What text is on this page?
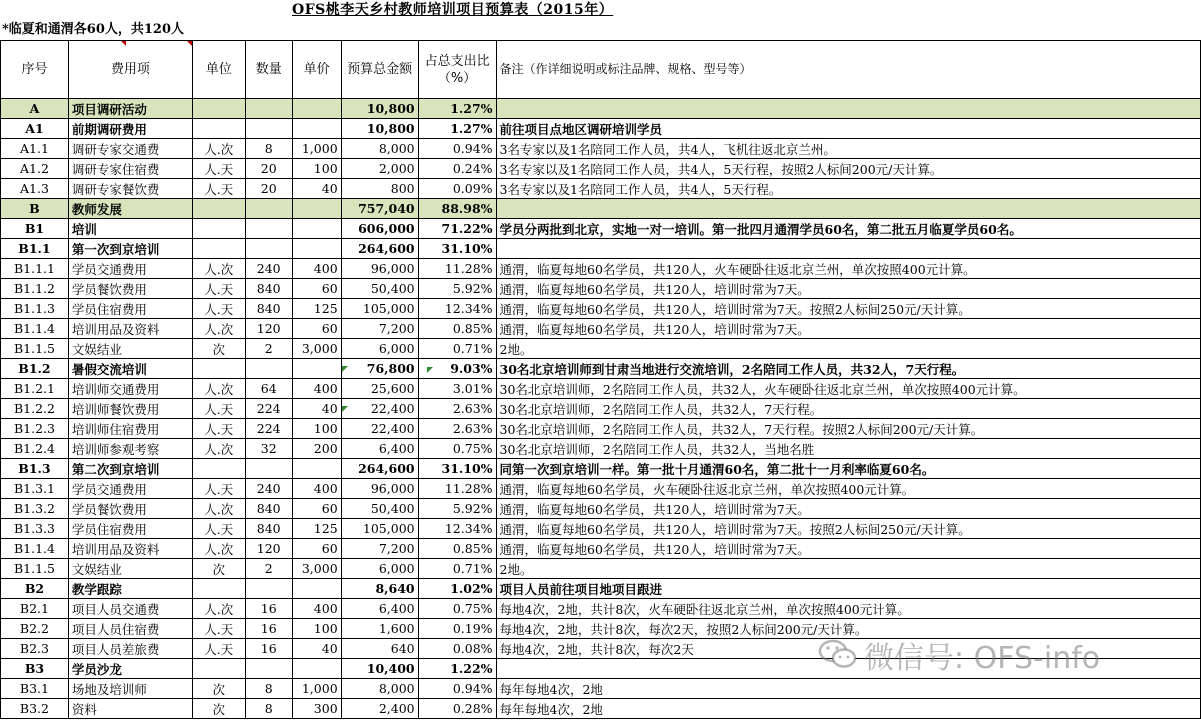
OFS桃李天乡村教师培训项目预算表（2015年）
*临夏和通渭各60人，共120人
序号	费用项	单位	数量	单价	预算总金额	占总支出比（%）	备注（作详细说明或标注品牌、规格、型号等）
A	项目调研活动				10,800	1.27%	
A1	前期调研费用				10,800	1.27%	前往项目点地区调研培训学员
A1.1	调研专家交通费	人.次	8	1,000	8,000	0.94%	3名专家以及1名陪同工作人员，共4人，飞机往返北京兰州。
A1.2	调研专家住宿费	人.天	20	100	2,000	0.24%	3名专家以及1名陪同工作人员，共4人，5天行程，按照2人标间200元/天计算。
A1.3	调研专家餐饮费	人.天	20	40	800	0.09%	3名专家以及1名陪同工作人员，共4人，5天行程。
B	教师发展				757,040	88.98%	
B1	培训				606,000	71.22%	学员分两批到北京，实地一对一培训。第一批四月通渭学员60名，第二批五月临夏学员60名。
B1.1	第一次到京培训				264,600	31.10%	
B1.1.1	学员交通费用	人.次	240	400	96,000	11.28%	通渭，临夏每地60名学员，共120人，火车硬卧往返北京兰州，单次按照400元计算。
B1.1.2	学员餐饮费用	人.天	840	60	50,400	5.92%	通渭，临夏每地60名学员，共120人，培训时常为7天。
B1.1.3	学员住宿费用	人.天	840	125	105,000	12.34%	通渭，临夏每地60名学员，共120人，培训时常为7天。按照2人标间250元/天计算。
B1.1.4	培训用品及资料	人.次	120	60	7,200	0.85%	通渭，临夏每地60名学员，共120人，培训时常为7天。
B1.1.5	文娱结业	次	2	3,000	6,000	0.71%	2地。
B1.2	暑假交流培训				76,800	9.03%	30名北京培训师到甘肃当地进行交流培训，2名陪同工作人员，共32人，7天行程。
B1.2.1	培训师交通费用	人.次	64	400	25,600	3.01%	30名北京培训师，2名陪同工作人员，共32人，火车硬卧往返北京兰州，单次按照400元计算。
B1.2.2	培训师餐饮费用	人.天	224	40	22,400	2.63%	30名北京培训师，2名陪同工作人员，共32人，7天行程。
B1.2.3	培训师住宿费用	人.天	224	100	22,400	2.63%	30名北京培训师，2名陪同工作人员，共32人，7天行程。按照2人标间200元/天计算。
B1.2.4	培训师参观考察	人.次	32	200	6,400	0.75%	30名北京培训师，2名陪同工作人员，共32人，当地名胜
B1.3	第二次到京培训				264,600	31.10%	同第一次到京培训一样。第一批十月通渭60名，第二批十一月利率临夏60名。
B1.3.1	学员交通费用	人.天	240	400	96,000	11.28%	通渭，临夏每地60名学员，火车硬卧往返北京兰州，单次按照400元计算。
B1.3.2	学员餐饮费用	人.次	840	60	50,400	5.92%	通渭，临夏每地60名学员，共120人，培训时常为7天。
B1.3.3	学员住宿费用	人.天	840	125	105,000	12.34%	通渭，临夏每地60名学员，共120人，培训时常为7天。按照2人标间250元/天计算。
B1.1.4	培训用品及资料	人.次	120	60	7,200	0.85%	通渭，临夏每地60名学员，共120人，培训时常为7天。
B1.1.5	文娱结业	次	2	3,000	6,000	0.71%	2地。
B2	教学跟踪				8,640	1.02%	项目人员前往项目地项目跟进
B2.1	项目人员交通费	人.次	16	400	6,400	0.75%	每地4次，2地，共计8次，火车硬卧往返北京兰州，单次按照400元计算。
B2.2	项目人员住宿费	人.天	16	100	1,600	0.19%	每地4次，2地，共计8次，每次2天，按照2人标间200元/天计算。
B2.3	项目人员差旅费	人.天	16	40	640	0.08%	每地4次，2地，共计8次，每次2天
B3	学员沙龙				10,400	1.22%	
B3.1	场地及培训师	次	8	1,000	8,000	0.94%	每年每地4次，2地
B3.2	资料	次	8	300	2,400	0.28%	每年每地4次，2地
微信号: OFS-info
